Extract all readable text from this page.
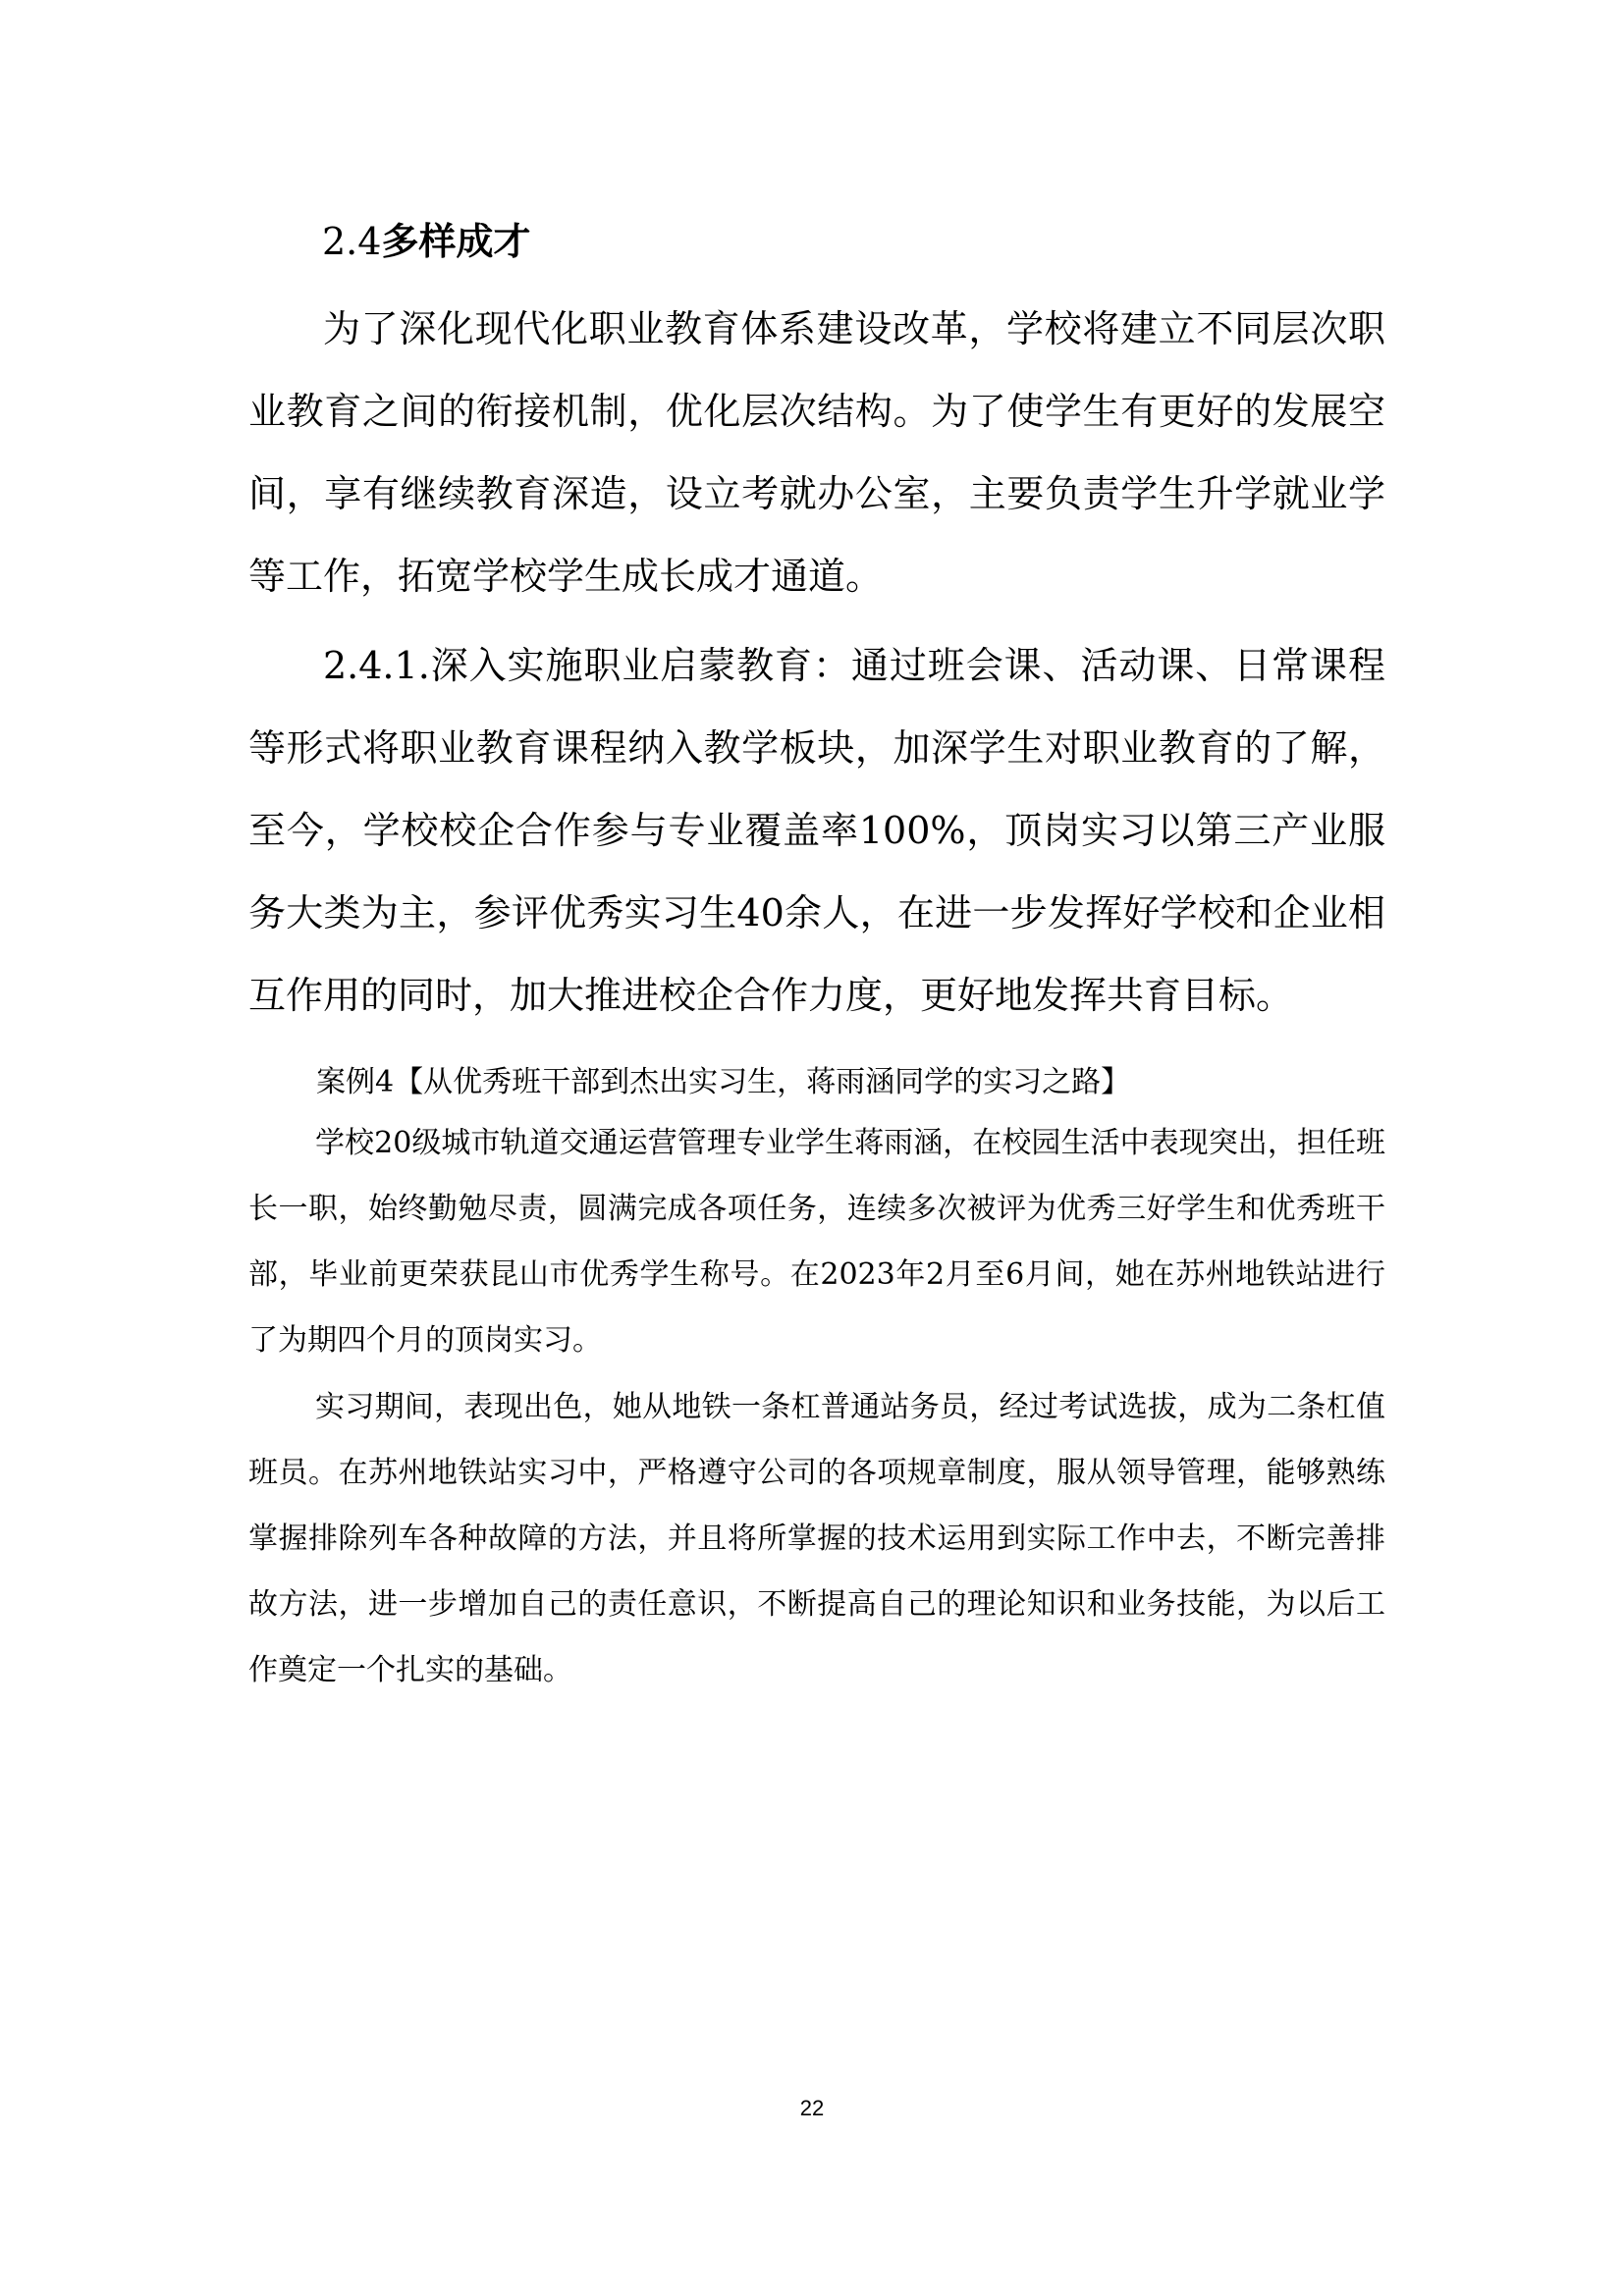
2.4多样成才

为了深化现代化职业教育体系建设改革，学校将建立不同层次职业教育之间的衔接机制，优化层次结构。为了使学生有更好的发展空间，享有继续教育深造，设立考就办公室，主要负责学生升学就业学等工作，拓宽学校学生成长成才通道。

2.4.1.深入实施职业启蒙教育：通过班会课、活动课、日常课程等形式将职业教育课程纳入教学板块，加深学生对职业教育的了解，至今，学校校企合作参与专业覆盖率100%，顶岗实习以第三产业服务大类为主，参评优秀实习生40余人，在进一步发挥好学校和企业相互作用的同时，加大推进校企合作力度，更好地发挥共育目标。

案例4【从优秀班干部到杰出实习生，蒋雨涵同学的实习之路】

学校20级城市轨道交通运营管理专业学生蒋雨涵，在校园生活中表现突出，担任班长一职，始终勤勉尽责，圆满完成各项任务，连续多次被评为优秀三好学生和优秀班干部，毕业前更荣获昆山市优秀学生称号。在2023年2月至6月间，她在苏州地铁站进行了为期四个月的顶岗实习。

实习期间，表现出色，她从地铁一条杠普通站务员，经过考试选拔，成为二条杠值班员。在苏州地铁站实习中，严格遵守公司的各项规章制度，服从领导管理，能够熟练掌握排除列车各种故障的方法，并且将所掌握的技术运用到实际工作中去，不断完善排故方法，进一步增加自己的责任意识，不断提高自己的理论知识和业务技能，为以后工作奠定一个扎实的基础。

22
